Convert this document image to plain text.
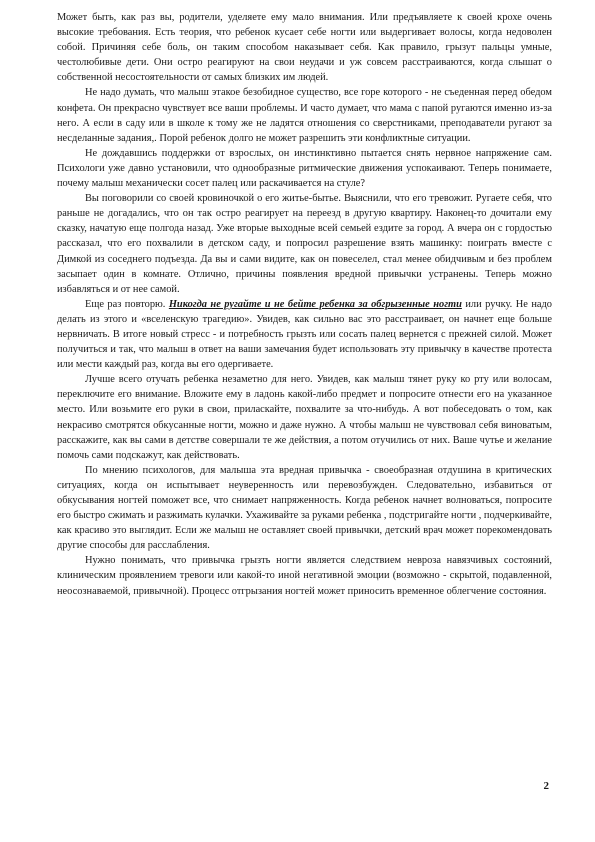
Может быть, как раз вы, родители, уделяете ему мало внимания. Или предъявляете к своей крохе очень высокие требования. Есть теория, что ребенок кусает себе ногти или выдергивает волосы, когда недоволен собой. Причиняя себе боль, он таким способом наказывает себя. Как правило, грызут пальцы умные, честолюбивые дети. Они остро реагируют на свои неудачи и уж совсем расстраиваются, когда слышат о собственной несостоятельности от самых близких им людей.

Не надо думать, что малыш этакое безобидное существо, все горе которого - не съеденная перед обедом конфета. Он прекрасно чувствует все ваши проблемы. И часто думает, что мама с папой ругаются именно из-за него. А если в саду или в школе к тому же не ладятся отношения со сверстниками, преподаватели ругают за несделанные задания,. Порой ребенок долго не может разрешить эти конфликтные ситуации.

Не дождавшись поддержки от взрослых, он инстинктивно пытается снять нервное напряжение сам. Психологи уже давно установили, что однообразные ритмические движения успокаивают. Теперь понимаете, почему малыш механически сосет палец или раскачивается на стуле?

Вы поговорили со своей кровиночкой о его житье-бытье. Выяснили, что его тревожит. Ругаете себя, что раньше не догадались, что он так остро реагирует на переезд в другую квартиру. Наконец-то дочитали ему сказку, начатую еще полгода назад. Уже вторые выходные всей семьей ездите за город. А вчера он с гордостью рассказал, что его похвалили в детском саду, и попросил разрешение взять машинку: поиграть вместе с Димкой из соседнего подъезда. Да вы и сами видите, как он повеселел, стал менее обидчивым и без проблем засыпает один в комнате. Отлично, причины появления вредной привычки устранены. Теперь можно избавляться и от нее самой.

Еще раз повторю. Никогда не ругайте и не бейте ребенка за обгрызенные ногти или ручку. Не надо делать из этого и «вселенскую трагедию». Увидев, как сильно вас это расстраивает, он начнет еще больше нервничать. В итоге новый стресс - и потребность грызть или сосать палец вернется с прежней силой. Может получиться и так, что малыш в ответ на ваши замечания будет использовать эту привычку в качестве протеста или мести каждый раз, когда вы его одергиваете.

Лучше всего отучать ребенка незаметно для него. Увидев, как малыш тянет руку ко рту или волосам, переключите его внимание. Вложите ему в ладонь какой-либо предмет и попросите отнести его на указанное место. Или возьмите его руки в свои, приласкайте, похвалите за что-нибудь. А вот побеседовать о том, как некрасиво смотрятся обкусанные ногти, можно и даже нужно. А чтобы малыш не чувствовал себя виноватым, расскажите, как вы сами в детстве совершали те же действия, а потом отучились от них. Ваше чутье и желание помочь сами подскажут, как действовать.

По мнению психологов, для малыша эта вредная привычка - своеобразная отдушина в критических ситуациях, когда он испытывает неуверенность или перевозбужден. Следовательно, избавиться от обкусывания ногтей поможет все, что снимает напряженность. Когда ребенок начнет волноваться, попросите его быстро сжимать и разжимать кулачки. Ухаживайте за руками ребенка , подстригайте ногти , подчеркивайте, как красиво это выглядит. Если же малыш не оставляет своей привычки, детский врач может порекомендовать другие способы для расслабления.

Нужно понимать, что привычка грызть ногти является следствием невроза навязчивых состояний, клиническим проявлением тревоги или какой-то иной негативной эмоции (возможно - скрытой, подавленной, неосознаваемой, привычной). Процесс отгрызания ногтей может приносить временное облегчение состояния.

2
